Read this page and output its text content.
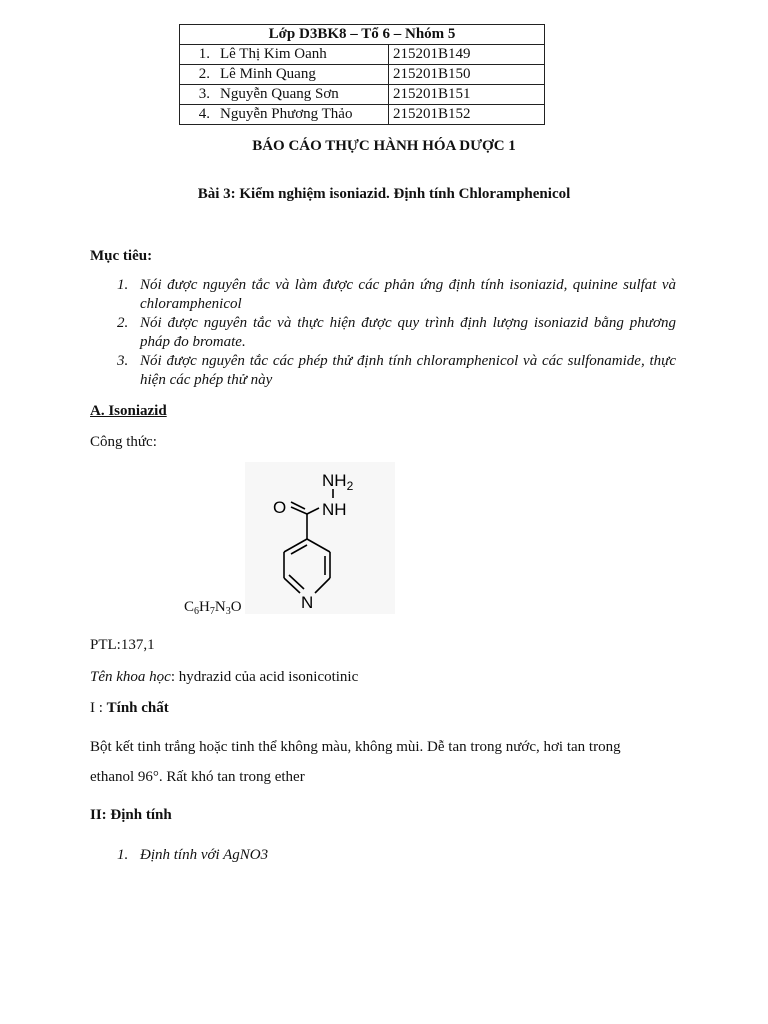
Lớp D3BK8 – Tổ 6 – Nhóm 5	
1. Lê Thị Kim Oanh	215201B149
2. Lê Minh Quang	215201B150
3. Nguyễn Quang Sơn	215201B151
4. Nguyễn Phương Thảo	215201B152
BÁO CÁO THỰC HÀNH HÓA DƯỢC 1
Bài 3: Kiểm nghiệm isoniazid. Định tính Chloramphenicol
Mục tiêu:
1. Nói được nguyên tắc và làm được các phản ứng định tính isoniazid, quinine sulfat và chloramphenicol
2. Nói được nguyên tắc và thực hiện được quy trình định lượng isoniazid bằng phương pháp đo bromate.
3. Nói được nguyên tắc các phép thử định tính chloramphenicol và các sulfonamide, thực hiện các phép thử này
A. Isoniazid
Công thức:
O NH
$NH_2$
N
$C_6H_7N_3O$
PTL:137,1
Tên khoa học: hydrazid của acid isonicotinic
I : Tính chất
Bột kết tinh trắng hoặc tinh thể không màu, không mùi. Dễ tan trong nước, hơi tan trong
ethanol 96°. Rất khó tan trong ether
II: Định tính
1. Định tính với AgNO3
